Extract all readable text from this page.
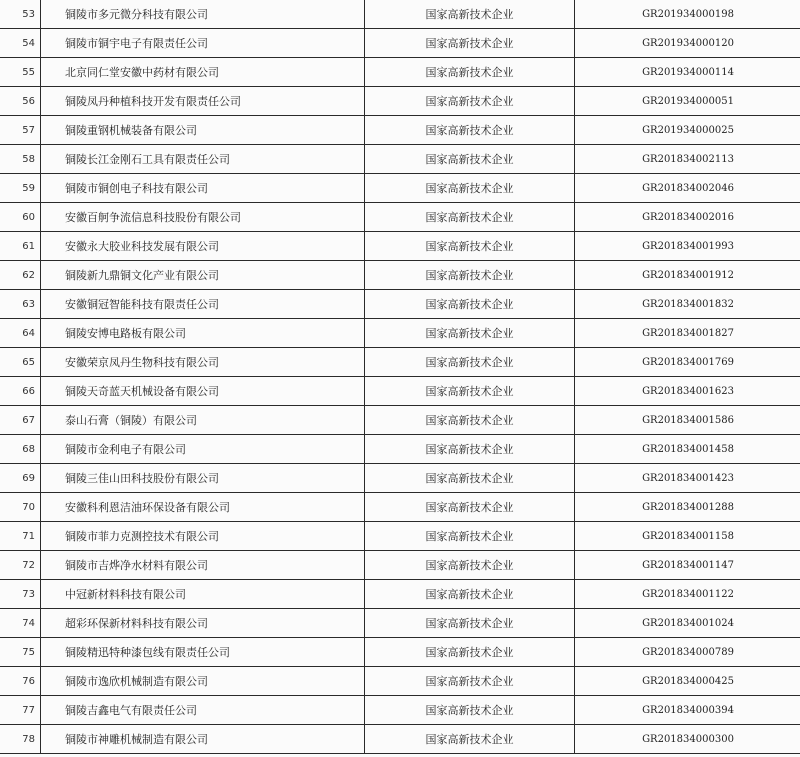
53	铜陵市多元微分科技有限公司	国家高新技术企业	GR201934000198
54	铜陵市铜宇电子有限责任公司	国家高新技术企业	GR201934000120
55	北京同仁堂安徽中药材有限公司	国家高新技术企业	GR201934000114
56	铜陵凤丹种植科技开发有限责任公司	国家高新技术企业	GR201934000051
57	铜陵重钢机械装备有限公司	国家高新技术企业	GR201934000025
58	铜陵长江金刚石工具有限责任公司	国家高新技术企业	GR201834002113
59	铜陵市铜创电子科技有限公司	国家高新技术企业	GR201834002046
60	安徽百舸争流信息科技股份有限公司	国家高新技术企业	GR201834002016
61	安徽永大胶业科技发展有限公司	国家高新技术企业	GR201834001993
62	铜陵新九鼎铜文化产业有限公司	国家高新技术企业	GR201834001912
63	安徽铜冠智能科技有限责任公司	国家高新技术企业	GR201834001832
64	铜陵安博电路板有限公司	国家高新技术企业	GR201834001827
65	安徽荣京凤丹生物科技有限公司	国家高新技术企业	GR201834001769
66	铜陵天奇蓝天机械设备有限公司	国家高新技术企业	GR201834001623
67	泰山石膏（铜陵）有限公司	国家高新技术企业	GR201834001586
68	铜陵市金利电子有限公司	国家高新技术企业	GR201834001458
69	铜陵三佳山田科技股份有限公司	国家高新技术企业	GR201834001423
70	安徽科利恩洁油环保设备有限公司	国家高新技术企业	GR201834001288
71	铜陵市菲力克测控技术有限公司	国家高新技术企业	GR201834001158
72	铜陵市吉烨净水材料有限公司	国家高新技术企业	GR201834001147
73	中冠新材料科技有限公司	国家高新技术企业	GR201834001122
74	超彩环保新材料科技有限公司	国家高新技术企业	GR201834001024
75	铜陵精迅特种漆包线有限责任公司	国家高新技术企业	GR201834000789
76	铜陵市逸欣机械制造有限公司	国家高新技术企业	GR201834000425
77	铜陵吉鑫电气有限责任公司	国家高新技术企业	GR201834000394
78	铜陵市神雕机械制造有限公司	国家高新技术企业	GR201834000300
